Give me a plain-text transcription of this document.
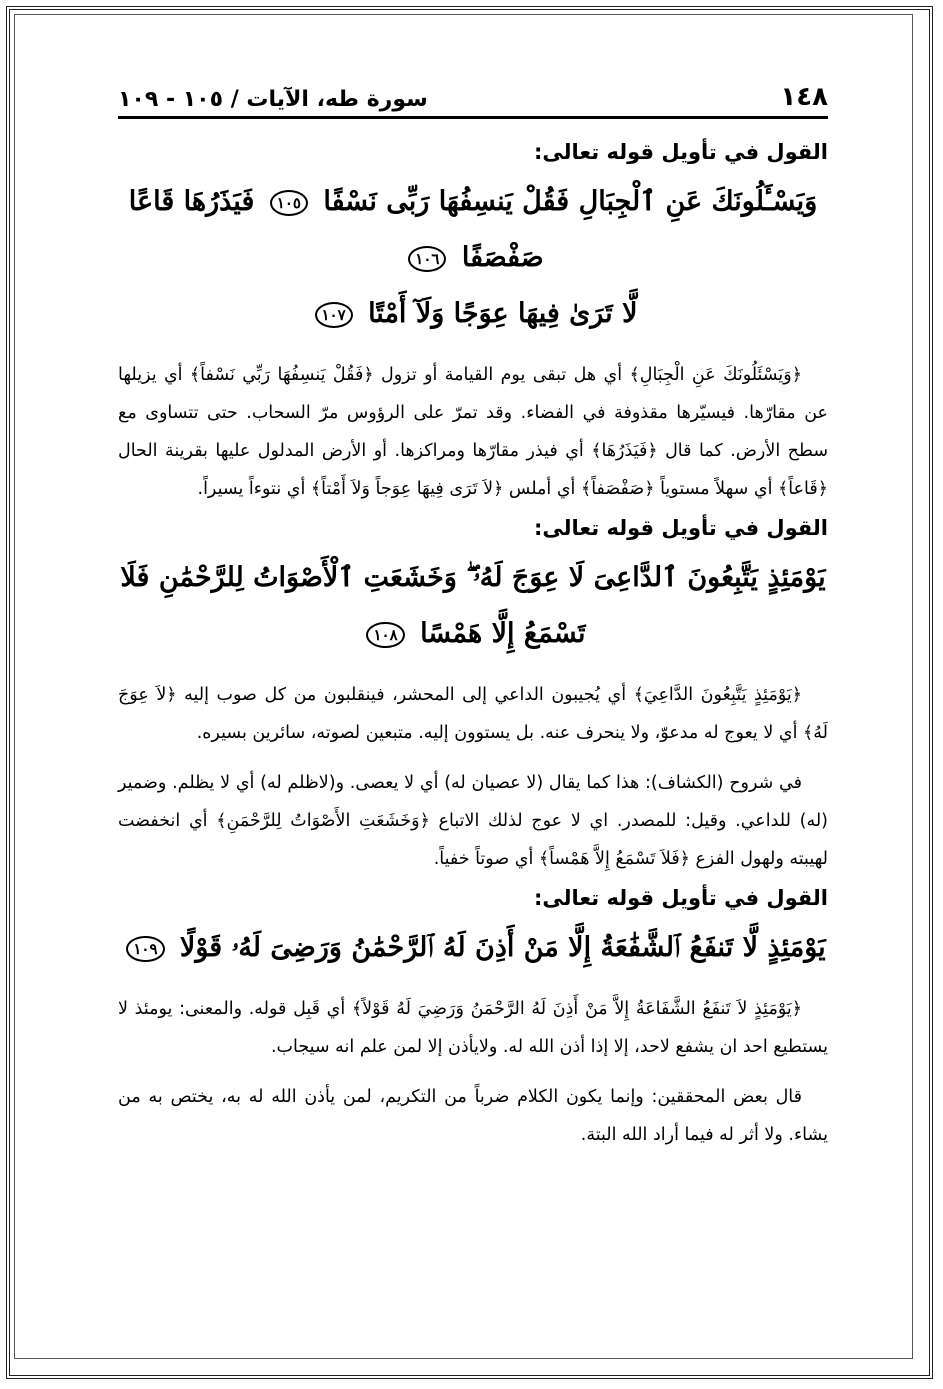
١٤٨
سورة طه، الآيات / ١٠٥ - ١٠٩
القول في تأويل قوله تعالى:
وَيَسْـَٔلُونَكَ عَنِ ٱلْجِبَالِ فَقُلْ يَنسِفُهَا رَبِّى نَسْفًا ١٠٥ فَيَذَرُهَا قَاعًا صَفْصَفًا ١٠٦
لَّا تَرَىٰ فِيهَا عِوَجًا وَلَآ أَمْتًا ١٠٧

﴿وَيَسْئَلُونَكَ عَنِ الْجِبَالِ﴾ أي هل تبقى يوم القيامة أو تزول ﴿فَقُلْ يَنسِفُهَا رَبِّي نَسْفاً﴾ أي يزيلها عن مقارّها. فيسيّرها مقذوفة في الفضاء. وقد تمرّ على الرؤوس مرّ السحاب. حتى تتساوى مع سطح الأرض. كما قال ﴿فَيَذَرُهَا﴾ أي فيذر مقارّها ومراكزها. أو الأرض المدلول عليها بقرينة الحال ﴿قَاعاً﴾ أي سهلاً مستوياً ﴿صَفْصَفاً﴾ أي أملس ﴿لاَ تَرَى فِيهَا عِوَجاً وَلاَ أَمْتاً﴾ أي نتوءاً يسيراً.

القول في تأويل قوله تعالى:
يَوْمَئِذٍ يَتَّبِعُونَ ٱلدَّاعِىَ لَا عِوَجَ لَهُۥ ۖ وَخَشَعَتِ ٱلْأَصْوَاتُ لِلرَّحْمَٰنِ فَلَا تَسْمَعُ إِلَّا هَمْسًا ١٠٨

﴿يَوْمَئِذٍ يَتَّبِعُونَ الدَّاعِيَ﴾ أي يُجيبون الداعي إلى المحشر، فينقلبون من كل صوب إليه ﴿لاَ عِوَجَ لَهُ﴾ أي لا يعوج له مدعوّ، ولا ينحرف عنه. بل يستوون إليه. متبعين لصوته، سائرين بسيره.

في شروح (الكشاف): هذا كما يقال (لا عصيان له) أي لا يعصى. و(لاظلم له) أي لا يظلم. وضمير (له) للداعي. وقيل: للمصدر. اي لا عوج لذلك الاتباع ﴿وَخَشَعَتِ الأَصْوَاتُ لِلرَّحْمَنِ﴾ أي انخفضت لهيبته ولهول الفزع ﴿فَلاَ تَسْمَعُ إِلاَّ هَمْساً﴾ أي صوتاً خفياً.

القول في تأويل قوله تعالى:
يَوْمَئِذٍ لَّا تَنفَعُ ٱلشَّفَٰعَةُ إِلَّا مَنْ أَذِنَ لَهُ ٱلرَّحْمَٰنُ وَرَضِىَ لَهُۥ قَوْلًا ١٠٩

﴿يَوْمَئِذٍ لاَ تَنفَعُ الشَّفَاعَةُ إِلاَّ مَنْ أَذِنَ لَهُ الرَّحْمَنُ وَرَضِيَ لَهُ قَوْلاً﴾ أي قَبِل قوله. والمعنى: يومئذ لا يستطيع احد ان يشفع لاحد، إلا إذا أذن الله له. ولايأذن إلا لمن علم انه سيجاب.

قال بعض المحققين: وإنما يكون الكلام ضرباً من التكريم، لمن يأذن الله له به، يختص به من يشاء. ولا أثر له فيما أراد الله البتة.
